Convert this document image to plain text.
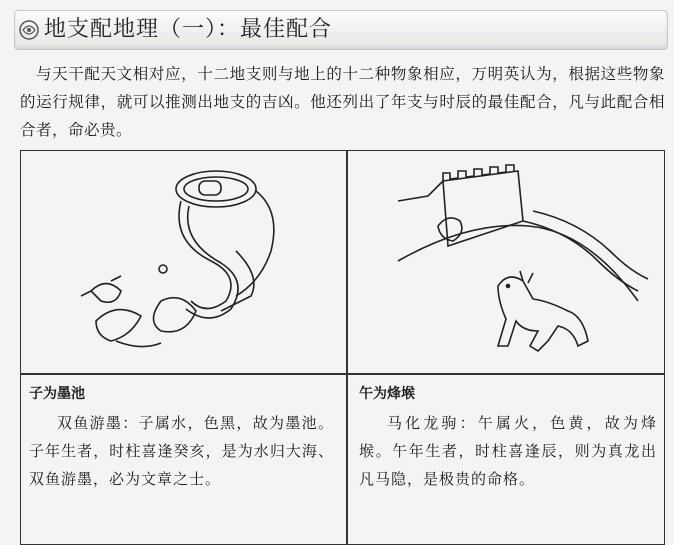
地支配地理（一）：最佳配合
与天干配天文相对应，十二地支则与地上的十二种物象相应，万明英认为，根据这些物象的运行规律，就可以推测出地支的吉凶。他还列出了年支与时辰的最佳配合，凡与此配合相合者，命必贵。
子为墨池
双鱼游墨：子属水，色黑，故为墨池。子年生者，时柱喜逢癸亥，是为水归大海、双鱼游墨，必为文章之士。
午为烽堠
马化龙驹：午属火，色黄，故为烽堠。午年生者，时柱喜逢辰，则为真龙出凡马隐，是极贵的命格。
